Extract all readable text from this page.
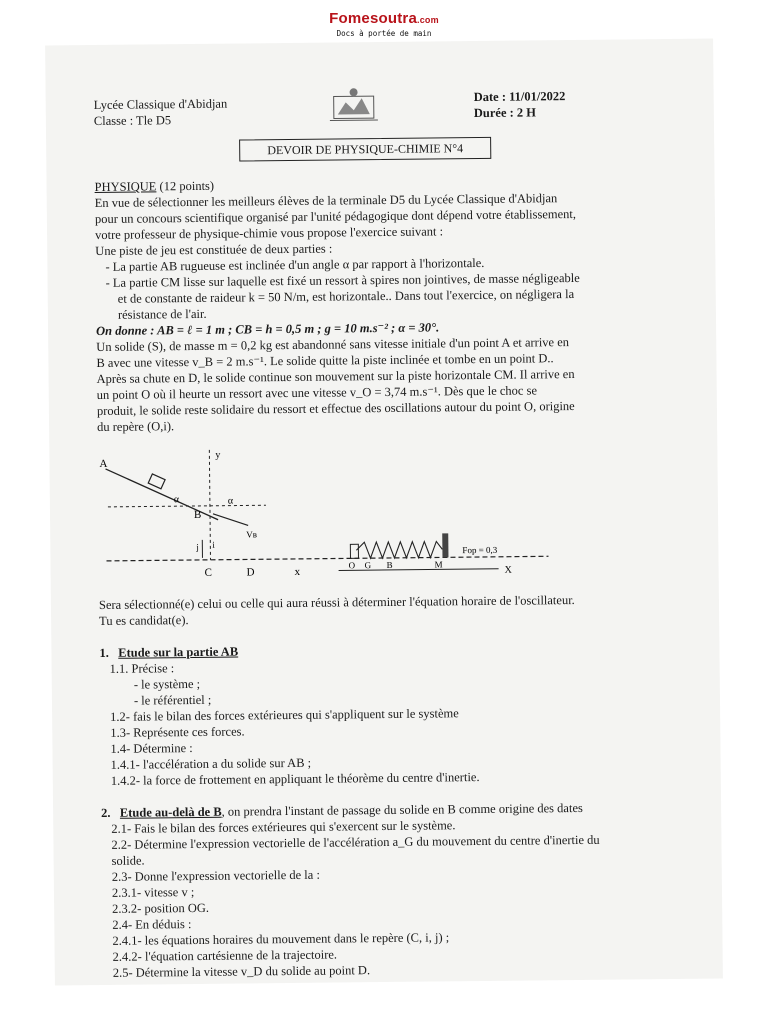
Fomesoutra.com
Docs à portée de main

Lycée Classique d'Abidjan

Classe : Tle D5

Date : 11/01/2022

Durée : 2 H

DEVOIR DE PHYSIQUE-CHIMIE N°4

PHYSIQUE (12 points)

En vue de sélectionner les meilleurs élèves de la terminale D5 du Lycée Classique d'Abidjan

pour un concours scientifique organisé par l'unité pédagogique dont dépend votre établissement,

votre professeur de physique-chimie vous propose l'exercice suivant :

Une piste de jeu est constituée de deux parties :

- La partie AB rugueuse est inclinée d'un angle α par rapport à l'horizontale.

- La partie CM lisse sur laquelle est fixé un ressort à spires non jointives, de masse négligeable

et de constante de raideur k = 50 N/m, est horizontale.. Dans tout l'exercice, on négligera la

résistance de l'air.

On donne : AB = ℓ = 1 m ; CB = h = 0,5 m ; g = 10 m.s⁻² ; α = 30°.

Un solide (S), de masse m = 0,2 kg est abandonné sans vitesse initiale d'un point A et arrive en

B avec une vitesse v_B = 2 m.s⁻¹. Le solide quitte la piste inclinée et tombe en un point D..

Après sa chute en D, le solide continue son mouvement sur la piste horizontale CM. Il arrive en

un point O où il heurte un ressort avec une vitesse v_O = 3,74 m.s⁻¹. Dès que le choc se

produit, le solide reste solidaire du ressort et effectue des oscillations autour du point O, origine

du repère (O,i).

A
α	α
B
Vʙ
y
j i
C	D	x
Fop = 0,3
O G B	M
X

Sera sélectionné(e) celui ou celle qui aura réussi à déterminer l'équation horaire de l'oscillateur.

Tu es candidat(e).

1. Etude sur la partie AB

1.1. Précise :

- le système ;

- le référentiel ;

1.2- fais le bilan des forces extérieures qui s'appliquent sur le système

1.3- Représente ces forces.

1.4- Détermine :

1.4.1- l'accélération a du solide sur AB ;

1.4.2- la force de frottement en appliquant le théorème du centre d'inertie.

2. Etude au-delà de B, on prendra l'instant de passage du solide en B comme origine des dates

2.1- Fais le bilan des forces extérieures qui s'exercent sur le système.

2.2- Détermine l'expression vectorielle de l'accélération a_G du mouvement du centre d'inertie du

solide.

2.3- Donne l'expression vectorielle de la :

2.3.1- vitesse v ;

2.3.2- position OG.

2.4- En déduis :

2.4.1- les équations horaires du mouvement dans le repère (C, i, j) ;

2.4.2- l'équation cartésienne de la trajectoire.

2.5- Détermine la vitesse v_D du solide au point D.
